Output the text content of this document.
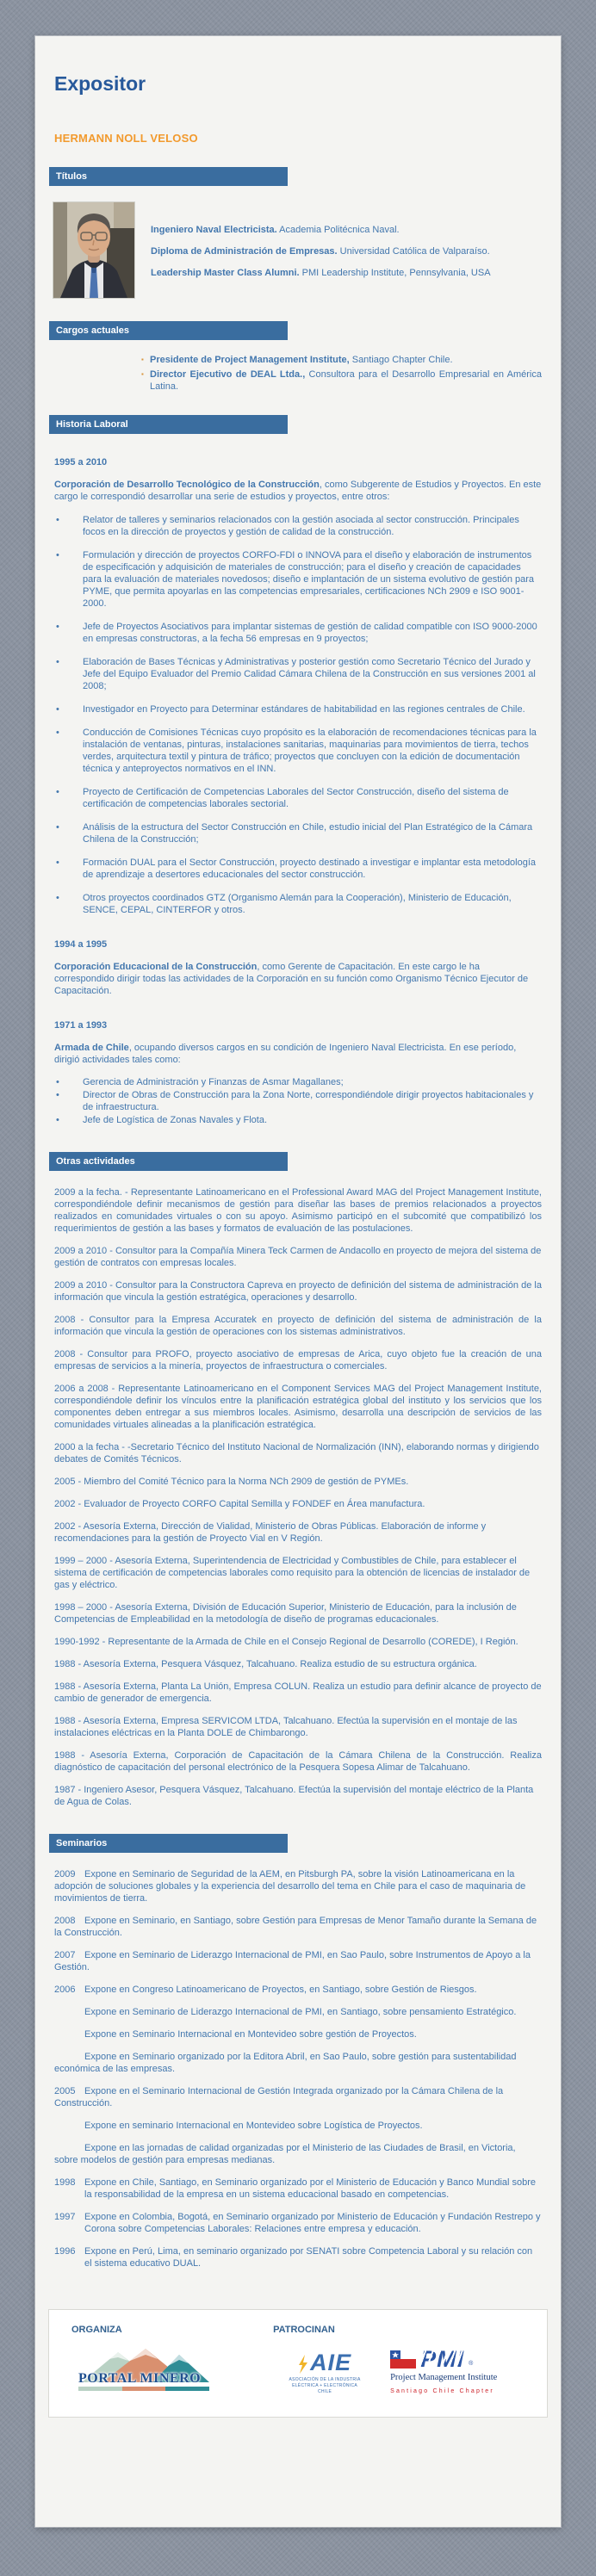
Expositor
HERMANN NOLL VELOSO
Títulos

Ingeniero Naval Electricista. Academia Politécnica Naval.

Diploma de Administración de Empresas. Universidad Católica de Valparaíso.

Leadership Master Class Alumni. PMI Leadership Institute, Pennsylvania, USA

Cargos actuales
▪ Presidente de Project Management Institute, Santiago Chapter Chile.

▪ Director Ejecutivo de DEAL Ltda., Consultora para el Desarrollo Empresarial en América Latina.

Historia Laboral
1995 a 2010

Corporación de Desarrollo Tecnológico de la Construcción, como Subgerente de Estudios y Proyectos. En este cargo le correspondió desarrollar una serie de estudios y proyectos, entre otros:

•	Relator de talleres y seminarios relacionados con la gestión asociada al sector construcción. Principales focos en la dirección de proyectos y gestión de calidad de la construcción.
•	Formulación y dirección de proyectos CORFO-FDI o INNOVA para el diseño y elaboración de instrumentos de especificación y adquisición de materiales de construcción; para el diseño y creación de capacidades para la evaluación de materiales novedosos; diseño e implantación de un sistema evolutivo de gestión para PYME, que permita apoyarlas en las competencias empresariales, certificaciones NCh 2909 e ISO 9001-2000.
•	Jefe de Proyectos Asociativos para implantar sistemas de gestión de calidad compatible con ISO 9000-2000 en empresas constructoras, a la fecha 56 empresas en 9 proyectos;
•	Elaboración de Bases Técnicas y Administrativas y posterior gestión como Secretario Técnico del Jurado y Jefe del Equipo Evaluador del Premio Calidad Cámara Chilena de la Construcción en sus versiones 2001 al 2008;
•	Investigador en Proyecto para Determinar estándares de habitabilidad en las regiones centrales de Chile.
•	Conducción de Comisiones Técnicas cuyo propósito es la elaboración de recomendaciones técnicas para la instalación de ventanas, pinturas, instalaciones sanitarias, maquinarias para movimientos de tierra, techos verdes, arquitectura textil y pintura de tráfico; proyectos que concluyen con la edición de documentación técnica y anteproyectos normativos en el INN.
•	Proyecto de Certificación de Competencias Laborales del Sector Construcción, diseño del sistema de certificación de competencias laborales sectorial.
•	Análisis de la estructura del Sector Construcción en Chile, estudio inicial del Plan Estratégico de la Cámara Chilena de la Construcción;
•	Formación DUAL para el Sector Construcción, proyecto destinado a investigar e implantar esta metodología de aprendizaje a desertores educacionales del sector construcción.
•	Otros proyectos coordinados GTZ (Organismo Alemán para la Cooperación), Ministerio de Educación, SENCE, CEPAL, CINTERFOR y otros.
1994 a 1995

Corporación Educacional de la Construcción, como Gerente de Capacitación. En este cargo le ha correspondido dirigir todas las actividades de la Corporación en su función como Organismo Técnico Ejecutor de Capacitación.

1971 a 1993

Armada de Chile, ocupando diversos cargos en su condición de Ingeniero Naval Electricista. En ese período, dirigió actividades tales como:

•	Gerencia de Administración y Finanzas de Asmar Magallanes;
•	Director de Obras de Construcción para la Zona Norte, correspondiéndole dirigir proyectos habitacionales y de infraestructura.
•	Jefe de Logística de Zonas Navales y Flota.
Otras actividades

2009 a la fecha. - Representante Latinoamericano en el Professional Award MAG del Project Management Institute, correspondiéndole definir mecanismos de gestión para diseñar las bases de premios relacionados a proyectos realizados en comunidades virtuales o con su apoyo. Asimismo participó en el subcomité que compatibilizó los requerimientos de gestión a las bases y formatos de evaluación de las postulaciones.

2009 a 2010 - Consultor para la Compañía Minera Teck Carmen de Andacollo en proyecto de mejora del sistema de gestión de contratos con empresas locales.

2009 a 2010 - Consultor para la Constructora Capreva en proyecto de definición del sistema de administración de la información que vincula la gestión estratégica, operaciones y desarrollo.

2008 - Consultor para la Empresa Accuratek en proyecto de definición del sistema de administración de la información que vincula la gestión de operaciones con los sistemas administrativos.

2008 - Consultor para PROFO, proyecto asociativo de empresas de Arica, cuyo objeto fue la creación de una empresas de servicios a la minería, proyectos de infraestructura o comerciales.

2006 a 2008 - Representante Latinoamericano en el Component Services MAG del Project Management Institute, correspondiéndole definir los vínculos entre la planificación estratégica global del instituto y los servicios que los componentes deben entregar a sus miembros locales. Asimismo, desarrolla una descripción de servicios de las comunidades virtuales alineadas a la planificación estratégica.

2000 a la fecha - -Secretario Técnico del Instituto Nacional de Normalización (INN), elaborando normas y dirigiendo debates de Comités Técnicos.

2005 - Miembro del Comité Técnico para la Norma NCh 2909 de gestión de PYMEs.

2002 - Evaluador de Proyecto CORFO Capital Semilla y FONDEF en Área manufactura.

2002 - Asesoría Externa, Dirección de Vialidad, Ministerio de Obras Públicas. Elaboración de informe y recomendaciones para la gestión de Proyecto Vial en V Región.

1999 – 2000 - Asesoría Externa, Superintendencia de Electricidad y Combustibles de Chile, para establecer el sistema de certificación de competencias laborales como requisito para la obtención de licencias de instalador de gas y eléctrico.

1998 – 2000 - Asesoría Externa, División de Educación Superior, Ministerio de Educación, para la inclusión de Competencias de Empleabilidad en la metodología de diseño de programas educacionales.

1990-1992 - Representante de la Armada de Chile en el Consejo Regional de Desarrollo (COREDE), I Región.

1988 - Asesoría Externa, Pesquera Vásquez, Talcahuano. Realiza estudio de su estructura orgánica.

1988 - Asesoría Externa, Planta La Unión, Empresa COLUN. Realiza un estudio para definir alcance de proyecto de cambio de generador de emergencia.

1988 - Asesoría Externa, Empresa SERVICOM LTDA, Talcahuano. Efectúa la supervisión en el montaje de las instalaciones eléctricas en la Planta DOLE de Chimbarongo.

1988 - Asesoría Externa, Corporación de Capacitación de la Cámara Chilena de la Construcción. Realiza diagnóstico de capacitación del personal electrónico de la Pesquera Sopesa Alimar de Talcahuano.

1987 - Ingeniero Asesor, Pesquera Vásquez, Talcahuano. Efectúa la supervisión del montaje eléctrico de la Planta de Agua de Colas.

Seminarios

2009 Expone en Seminario de Seguridad de la AEM, en Pitsburgh PA, sobre la visión Latinoamericana en la adopción de soluciones globales y la experiencia del desarrollo del tema en Chile para el caso de maquinaria de movimientos de tierra.

2008 Expone en Seminario, en Santiago, sobre Gestión para Empresas de Menor Tamaño durante la Semana de la Construcción.

2007 Expone en Seminario de Liderazgo Internacional de PMI, en Sao Paulo, sobre Instrumentos de Apoyo a la Gestión.

2006 Expone en Congreso Latinoamericano de Proyectos, en Santiago, sobre Gestión de Riesgos.

Expone en Seminario de Liderazgo Internacional de PMI, en Santiago, sobre pensamiento Estratégico.

Expone en Seminario Internacional en Montevideo sobre gestión de Proyectos.

Expone en Seminario organizado por la Editora Abril, en Sao Paulo, sobre gestión para sustentabilidad económica de las empresas.

2005 Expone en el Seminario Internacional de Gestión Integrada organizado por la Cámara Chilena de la Construcción.

Expone en seminario Internacional en Montevideo sobre Logística de Proyectos.

Expone en las jornadas de calidad organizadas por el Ministerio de las Ciudades de Brasil, en Victoria, sobre modelos de gestión para empresas medianas.

1998 Expone en Chile, Santiago, en Seminario organizado por el Ministerio de Educación y Banco Mundial sobre la responsabilidad de la empresa en un sistema educacional basado en competencias.

1997 Expone en Colombia, Bogotá, en Seminario organizado por Ministerio de Educación y Fundación Restrepo y Corona sobre Competencias Laborales: Relaciones entre empresa y educación.

1996 Expone en Perú, Lima, en seminario organizado por SENATI sobre Competencia Laboral y su relación con el sistema educativo DUAL.

ORGANIZA
PORTAL MINERO
PATROCINAN
AIE
ASOCIACIÓN DE LA INDUSTRIA
ELÉCTRICA + ELECTRÓNICA
CHILE
PMI ®
Project Management Institute
Santiago Chile Chapter
